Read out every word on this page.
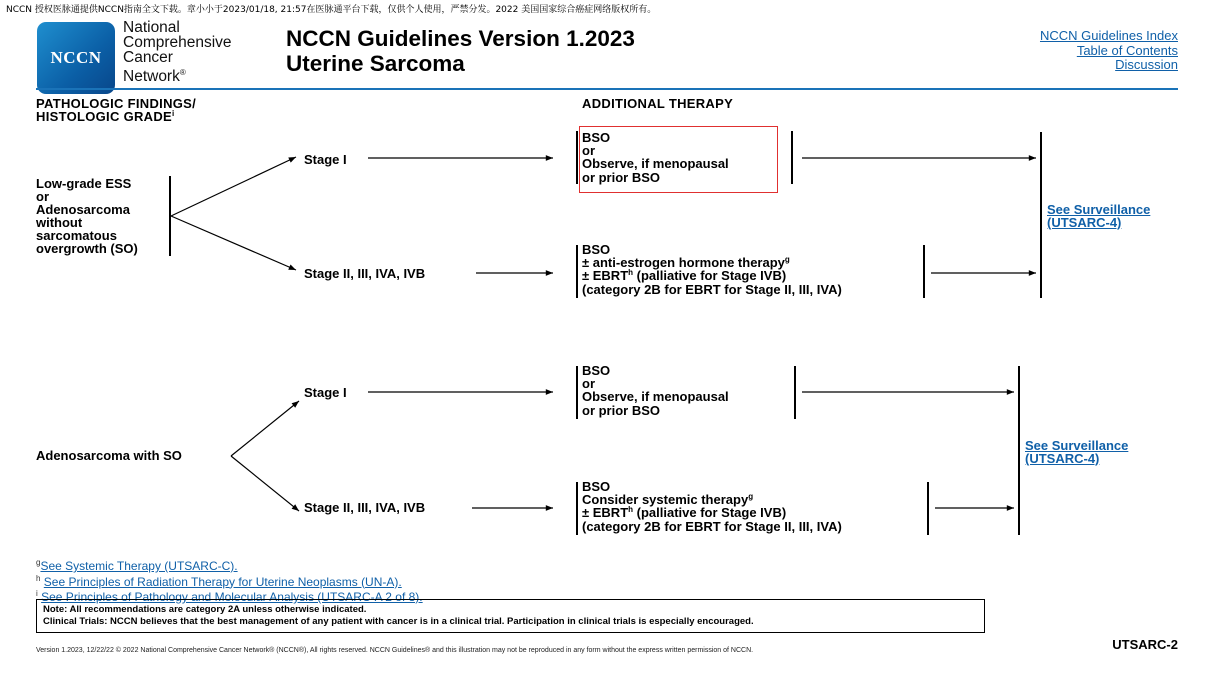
NCCN 授权医脉通提供NCCN指南全文下载。章小小于2023/01/18, 21:57在医脉通平台下载，仅供个人使用，严禁分发。2022 美国国家综合癌症网络版权所有。
NCCN
National
Comprehensive
Cancer
Network®
NCCN Guidelines Version 1.2023
Uterine Sarcoma
NCCN Guidelines Index
Table of Contents
Discussion
PATHOLOGIC FINDINGS/
HISTOLOGIC GRADE$^i$
ADDITIONAL THERAPY
Low-grade ESS
or
Adenosarcoma
without
sarcomatous
overgrowth (SO)
Stage I
Stage II, III, IVA, IVB
BSO
or
Observe, if menopausal
or prior BSO
BSO
± anti-estrogen hormone therapy$^g$
± $EBRT^h$ (palliative for Stage IVB)
(category 2B for EBRT for Stage II, III, IVA)
See Surveillance
(UTSARC-4)
Adenosarcoma with SO
Stage I
Stage II, III, IVA, IVB
BSO
or
Observe, if menopausal
or prior BSO
BSO
Consider systemic therapy$^g$
± $EBRT^h$ (palliative for Stage IVB)
(category 2B for EBRT for Stage II, III, IVA)
See Surveillance
(UTSARC-4)
$^g$See Systemic Therapy (UTSARC-C).
$^h$ See Principles of Radiation Therapy for Uterine Neoplasms (UN-A).
$^i$ See Principles of Pathology and Molecular Analysis (UTSARC-A 2 of 8).
Note: All recommendations are category 2A unless otherwise indicated.
Clinical Trials: NCCN believes that the best management of any patient with cancer is in a clinical trial. Participation in clinical trials is especially encouraged.
Version 1.2023, 12/22/22 © 2022 National Comprehensive Cancer Network® (NCCN®), All rights reserved. NCCN Guidelines® and this illustration may not be reproduced in any form without the express written permission of NCCN.	UTSARC-2
